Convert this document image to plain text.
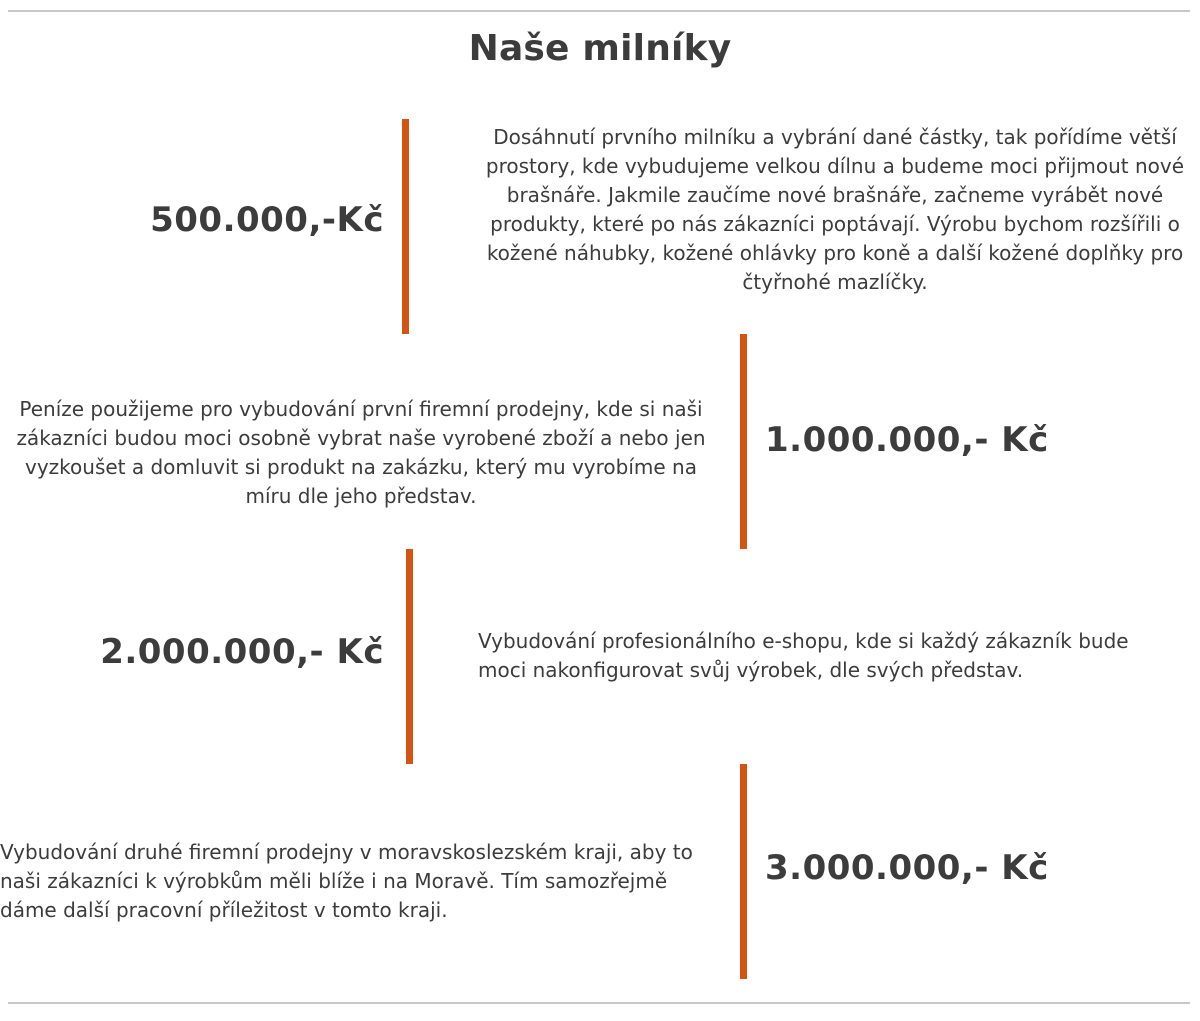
Naše milníky
500.000,-Kč

Dosáhnutí prvního milníku a vybrání dané částky, tak pořídíme větší prostory, kde vybudujeme velkou dílnu a budeme moci přijmout nové brašnáře. Jakmile zaučíme nové brašnáře, začneme vyrábět nové produkty, které po nás zákazníci poptávají. Výrobu bychom rozšířili o kožené náhubky, kožené ohlávky pro koně a další kožené doplňky pro čtyřnohé mazlíčky.

Peníze použijeme pro vybudování první firemní prodejny, kde si naši zákazníci budou moci osobně vybrat naše vyrobené zboží a nebo jen vyzkoušet a domluvit si produkt na zakázku, který mu vyrobíme na míru dle jeho představ.

1.000.000,- Kč
2.000.000,- Kč	Vybudování profesionálního e-shopu, kde si každý zákazník bude moci nakonfigurovat svůj výrobek, dle svých představ.

Vybudování druhé firemní prodejny v moravskoslezském kraji, aby to naši zákazníci k výrobkům měli blíže i na Moravě. Tím samozřejmě dáme další pracovní příležitost v tomto kraji.

3.000.000,- Kč
